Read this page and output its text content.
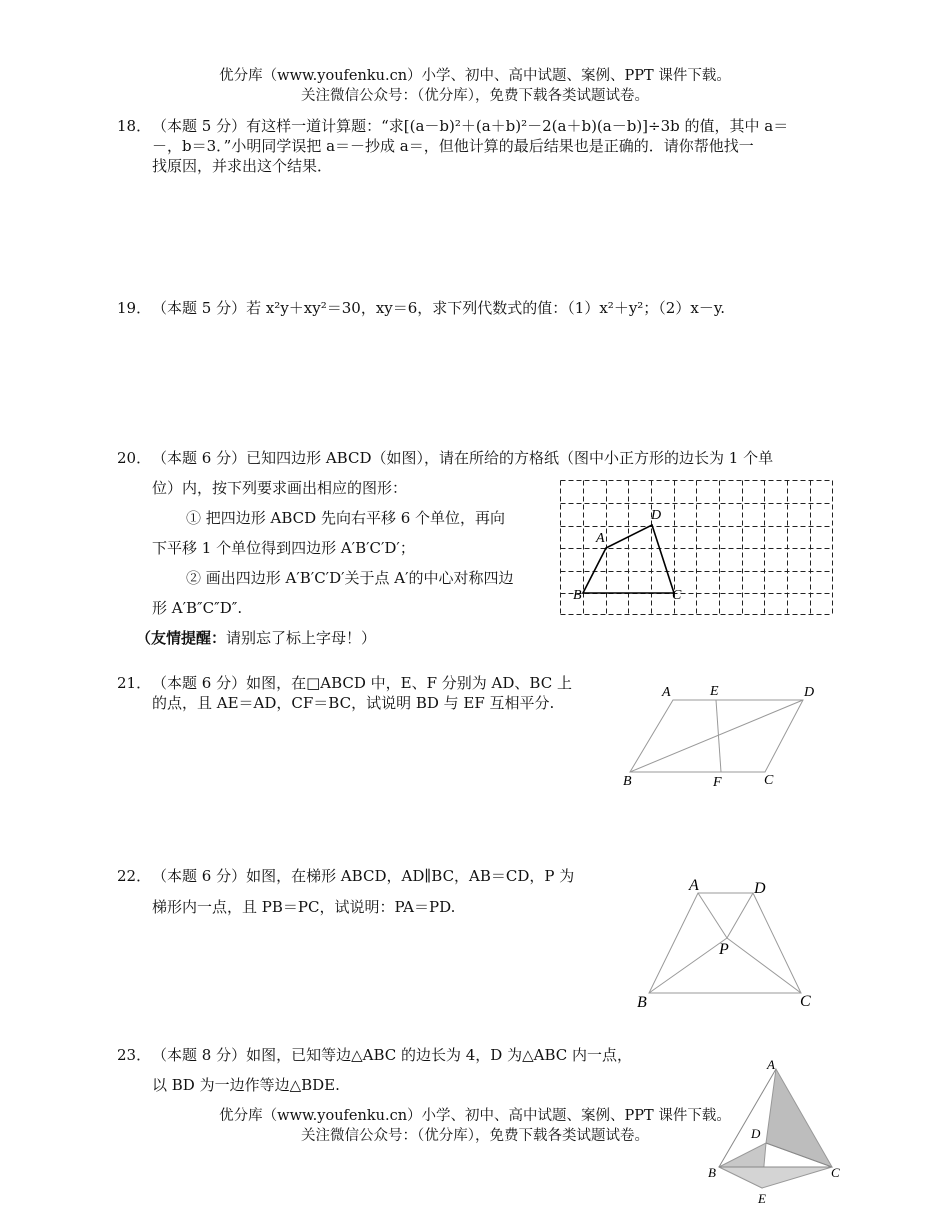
优分库（www.youfenku.cn）小学、初中、高中试题、案例、PPT 课件下载。
关注微信公众号：（优分库），免费下载各类试题试卷。
18． （本题 5 分）有这样一道计算题：“求[(a－b)²＋(a＋b)²－2(a＋b)(a－b)]÷3b 的值，其中 a＝
－，b＝3．”小明同学误把 a＝－抄成 a＝，但他计算的最后结果也是正确的．请你帮他找一
找原因，并求出这个结果．
19． （本题 5 分）若 x²y＋xy²＝30，xy＝6，求下列代数式的值：（1）x²＋y²；（2）x－y.
20． （本题 6 分）已知四边形 ABCD（如图），请在所给的方格纸（图中小正方形的边长为 1 个单
位）内，按下列要求画出相应的图形：
① 把四边形 ABCD 先向右平移 6 个单位，再向
下平移 1 个单位得到四边形 A′B′C′D′；
② 画出四边形 A′B′C′D′关于点 A′的中心对称四边
形 A′B″C″D″.
（友情提醒：请别忘了标上字母！）
A
D
B	C
21． （本题 6 分）如图，在□ABCD 中，E、F 分别为 AD、BC 上
的点，且 AE＝AD，CF＝BC，试说明 BD 与 EF 互相平分.
A	E	D
B	F	C
22． （本题 6 分）如图，在梯形 ABCD，AD∥BC，AB＝CD，P 为
梯形内一点，且 PB＝PC，试说明：PA＝PD.
A	D
P
B	C
23． （本题 8 分）如图，已知等边△ABC 的边长为 4，D 为△ABC 内一点，
以 BD 为一边作等边△BDE.
A
D
B	C
E
优分库（www.youfenku.cn）小学、初中、高中试题、案例、PPT 课件下载。
关注微信公众号：（优分库），免费下载各类试题试卷。
